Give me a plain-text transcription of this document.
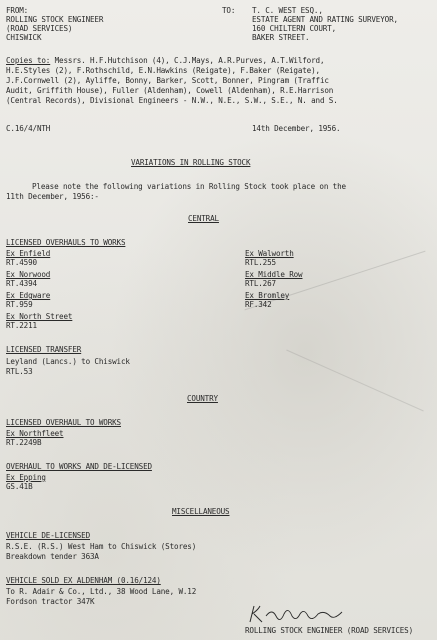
FROM:
ROLLING STOCK ENGINEER
(ROAD SERVICES)
CHISWICK
TO: T. C. WEST ESQ.,
ESTATE AGENT AND RATING SURVEYOR,
160 CHILTERN COURT,
BAKER STREET.
Copies to: Messrs. H.F.Hutchison (4), C.J.Mays, A.R.Purves, A.T.Wilford,
H.E.Styles (2), F.Rothschild, E.N.Hawkins (Reigate), F.Baker (Reigate),
J.F.Cornwell (2), Ayliffe, Bonny, Barker, Scott, Bonner, Pingram (Traffic
Audit, Griffith House), Fuller (Aldenham), Cowell (Aldenham), R.E.Harrison
(Central Records), Divisional Engineers - N.W., N.E., S.W., S.E., N. and S.
C.16/4/NTH	14th December, 1956.
VARIATIONS IN ROLLING STOCK
Please note the following variations in Rolling Stock took place on the
11th December, 1956:-
CENTRAL
LICENSED OVERHAULS TO WORKS
Ex Enfield
RT.4590
Ex Norwood
RT.4394
Ex Edgware
RT.959
Ex North Street
RT.2211
Ex Walworth
RTL.255
Ex Middle Row
RTL.267
Ex Bromley
RF.342
LICENSED TRANSFER
Leyland (Lancs.) to Chiswick
RTL.53
COUNTRY
LICENSED OVERHAUL TO WORKS
Ex Northfleet
RT.2249B
OVERHAUL TO WORKS AND DE-LICENSED
Ex Epping
GS.41B
MISCELLANEOUS
VEHICLE DE-LICENSED
R.S.E. (R.S.) West Ham to Chiswick (Stores)
Breakdown tender 363A
VEHICLE SOLD EX ALDENHAM (0.16/124)
To R. Adair & Co., Ltd., 38 Wood Lane, W.12
Fordson tractor 347K
ROLLING STOCK ENGINEER (ROAD SERVICES)
